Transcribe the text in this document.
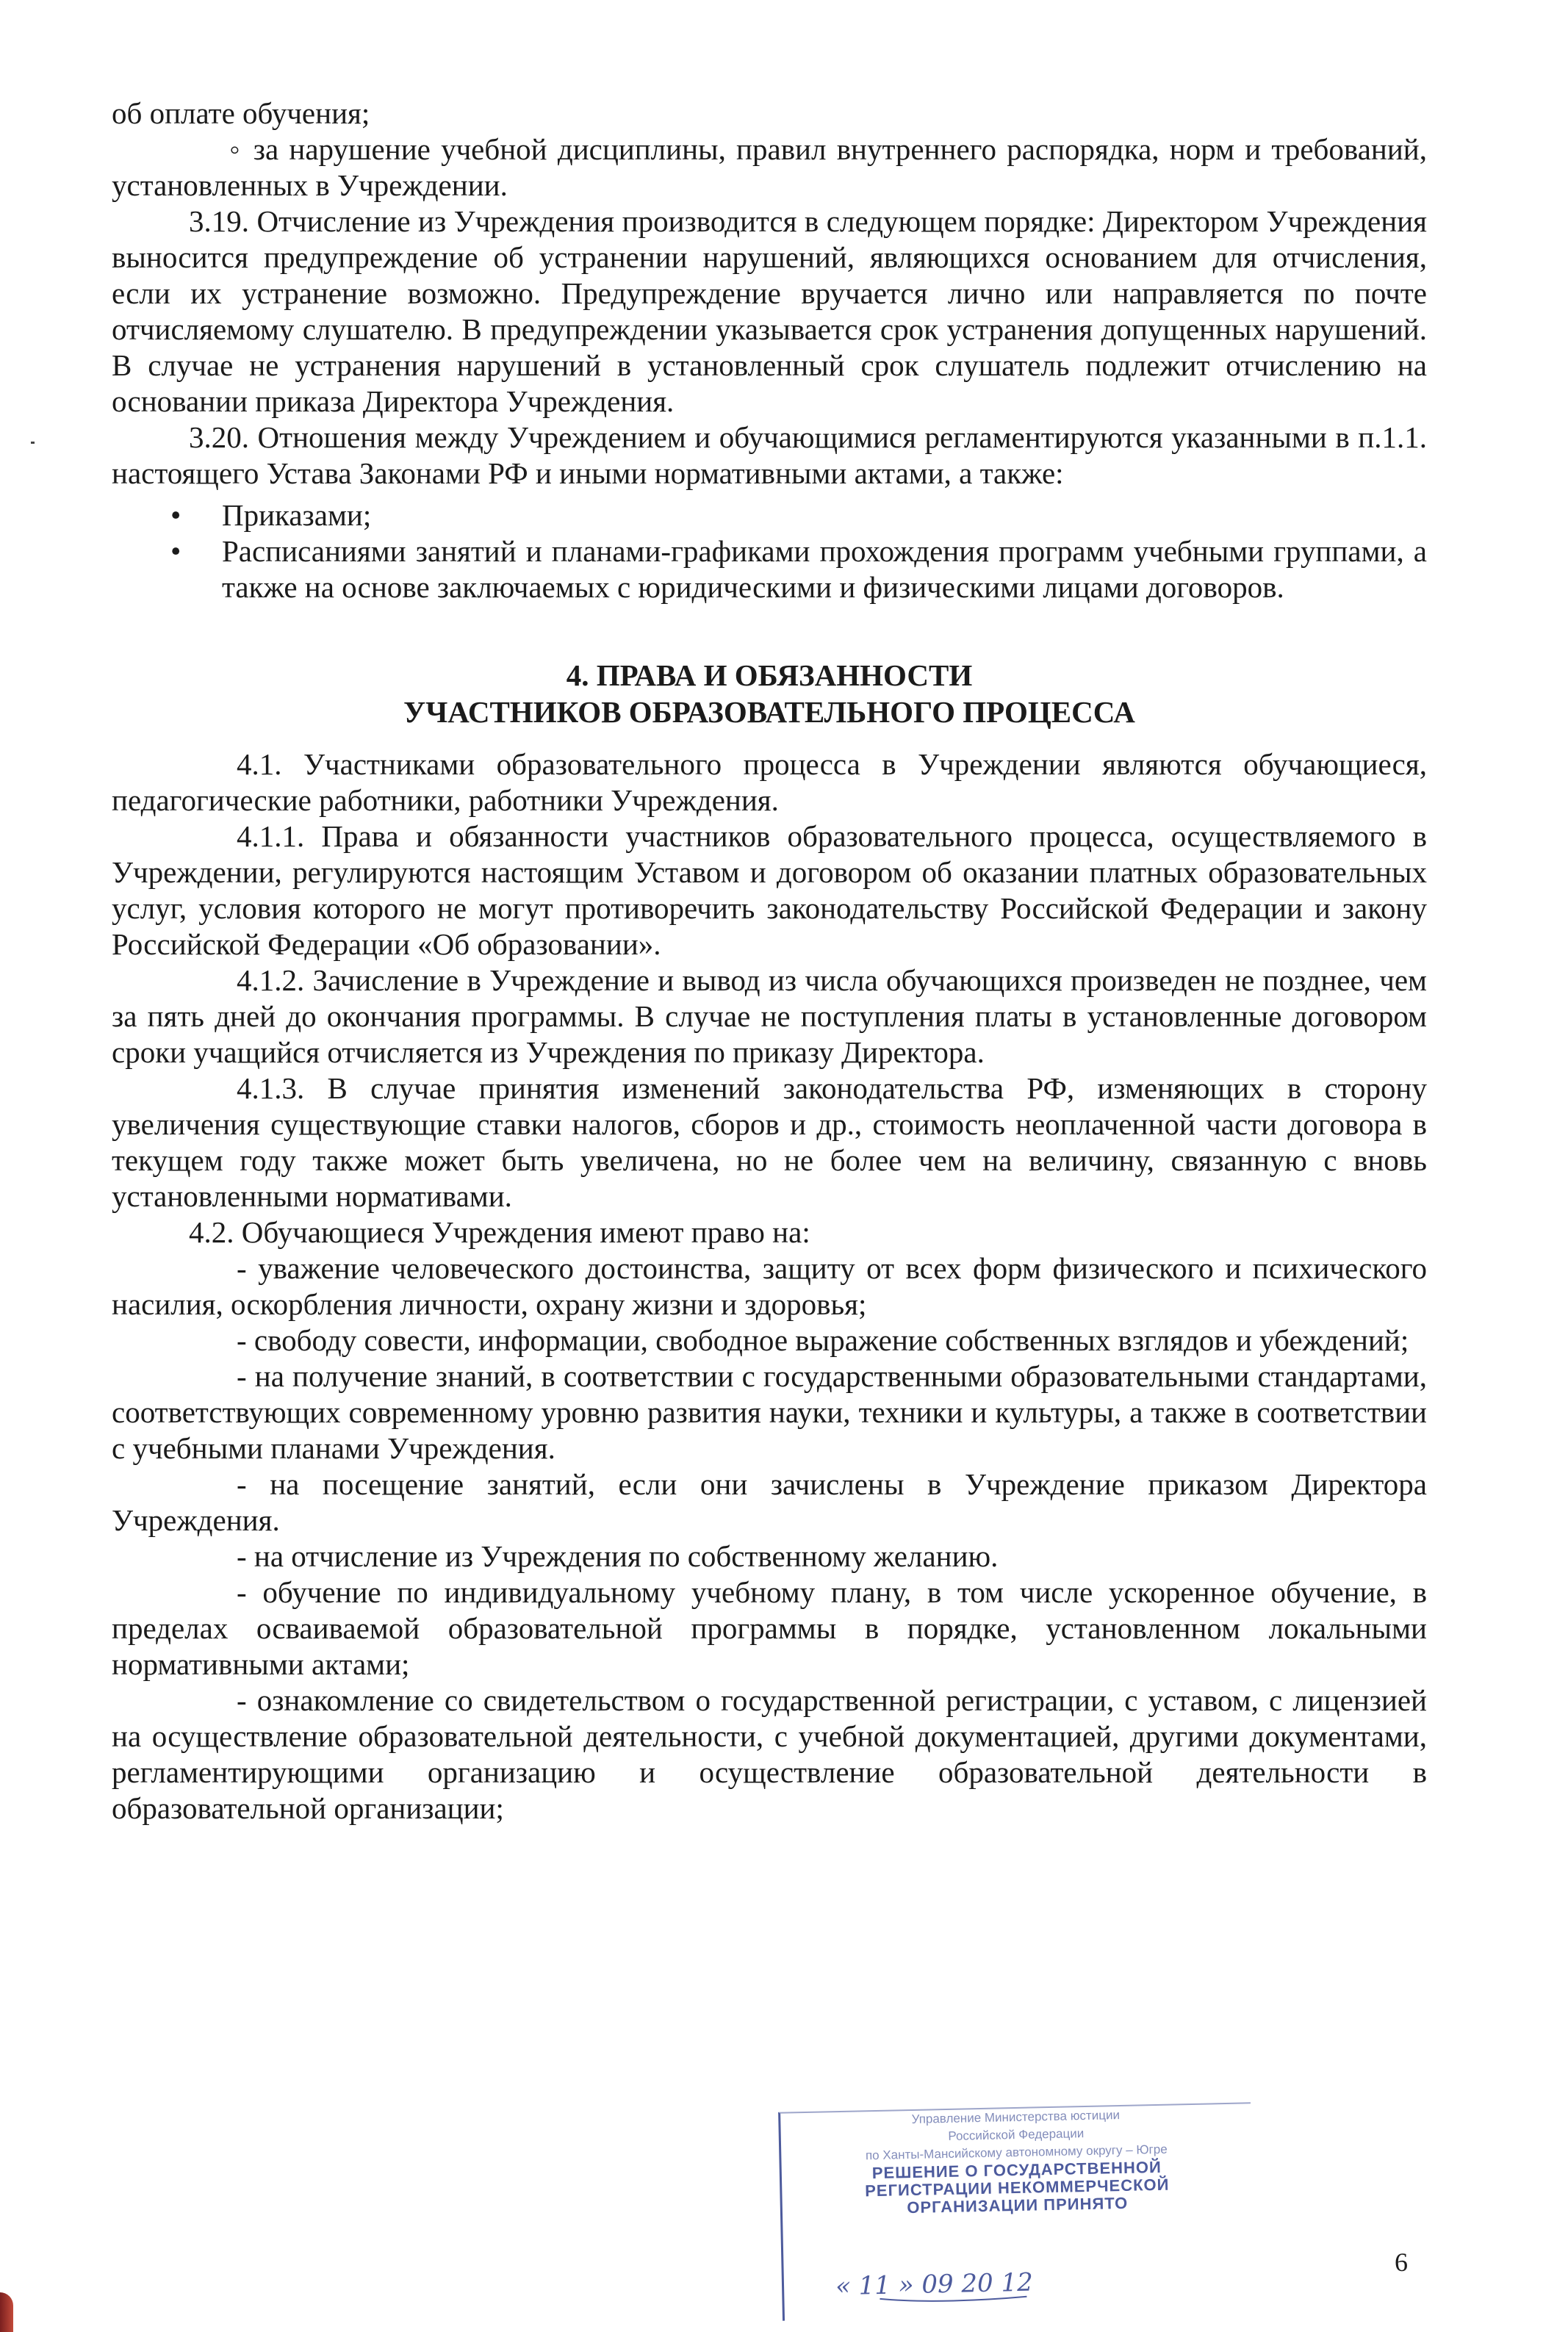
об оплате обучения;

◦ за нарушение учебной дисциплины, правил внутреннего распорядка, норм и требований, установленных в Учреждении.

3.19. Отчисление из Учреждения производится в следующем порядке: Директором Учреждения выносится предупреждение об устранении нарушений, являющихся основанием для отчисления, если их устранение возможно. Предупреждение вручается лично или направляется по почте отчисляемому слушателю. В предупреждении указывается срок устранения допущенных нарушений. В случае не устранения нарушений в установленный срок слушатель подлежит отчислению на основании приказа Директора Учреждения.

3.20. Отношения между Учреждением и обучающимися регламентируются указанными в п.1.1. настоящего Устава Законами РФ и иными нормативными актами, а также:

• Приказами;
• Расписаниями занятий и планами-графиками прохождения программ учебными группами, а также на основе заключаемых с юридическими и физическими лицами договоров.
4. ПРАВА И ОБЯЗАННОСТИ
УЧАСТНИКОВ ОБРАЗОВАТЕЛЬНОГО ПРОЦЕССА

4.1. Участниками образовательного процесса в Учреждении являются обучающиеся, педагогические работники, работники Учреждения.

4.1.1. Права и обязанности участников образовательного процесса, осуществляемого в Учреждении, регулируются настоящим Уставом и договором об оказании платных образовательных услуг, условия которого не могут противоречить законодательству Российской Федерации и закону Российской Федерации «Об образовании».

4.1.2. Зачисление в Учреждение и вывод из числа обучающихся произведен не позднее, чем за пять дней до окончания программы. В случае не поступления платы в установленные договором сроки учащийся отчисляется из Учреждения по приказу Директора.

4.1.3. В случае принятия изменений законодательства РФ, изменяющих в сторону увеличения существующие ставки налогов, сборов и др., стоимость неоплаченной части договора в текущем году также может быть увеличена, но не более чем на величину, связанную с вновь установленными нормативами.

4.2. Обучающиеся Учреждения имеют право на:

- уважение человеческого достоинства, защиту от всех форм физического и психического насилия, оскорбления личности, охрану жизни и здоровья;

- свободу совести, информации, свободное выражение собственных взглядов и убеждений;

- на получение знаний, в соответствии с государственными образовательными стандартами, соответствующих современному уровню развития науки, техники и культуры, а также в соответствии с учебными планами Учреждения.

- на посещение занятий, если они зачислены в Учреждение приказом Директора Учреждения.

- на отчисление из Учреждения по собственному желанию.

- обучение по индивидуальному учебному плану, в том числе ускоренное обучение, в пределах осваиваемой образовательной программы в порядке, установленном локальными нормативными актами;

- ознакомление со свидетельством о государственной регистрации, с уставом, с лицензией на осуществление образовательной деятельности, с учебной документацией, другими документами, регламентирующими организацию и осуществление образовательной деятельности в образовательной организации;

Управление Министерства юстиции
Российской Федерации
по Ханты-Мансийскому автономному округу – Югре
РЕШЕНИЕ О ГОСУДАРСТВЕННОЙ
РЕГИСТРАЦИИ НЕКОММЕРЧЕСКОЙ
ОРГАНИЗАЦИИ ПРИНЯТО
« 11 » 09 20 12
6
